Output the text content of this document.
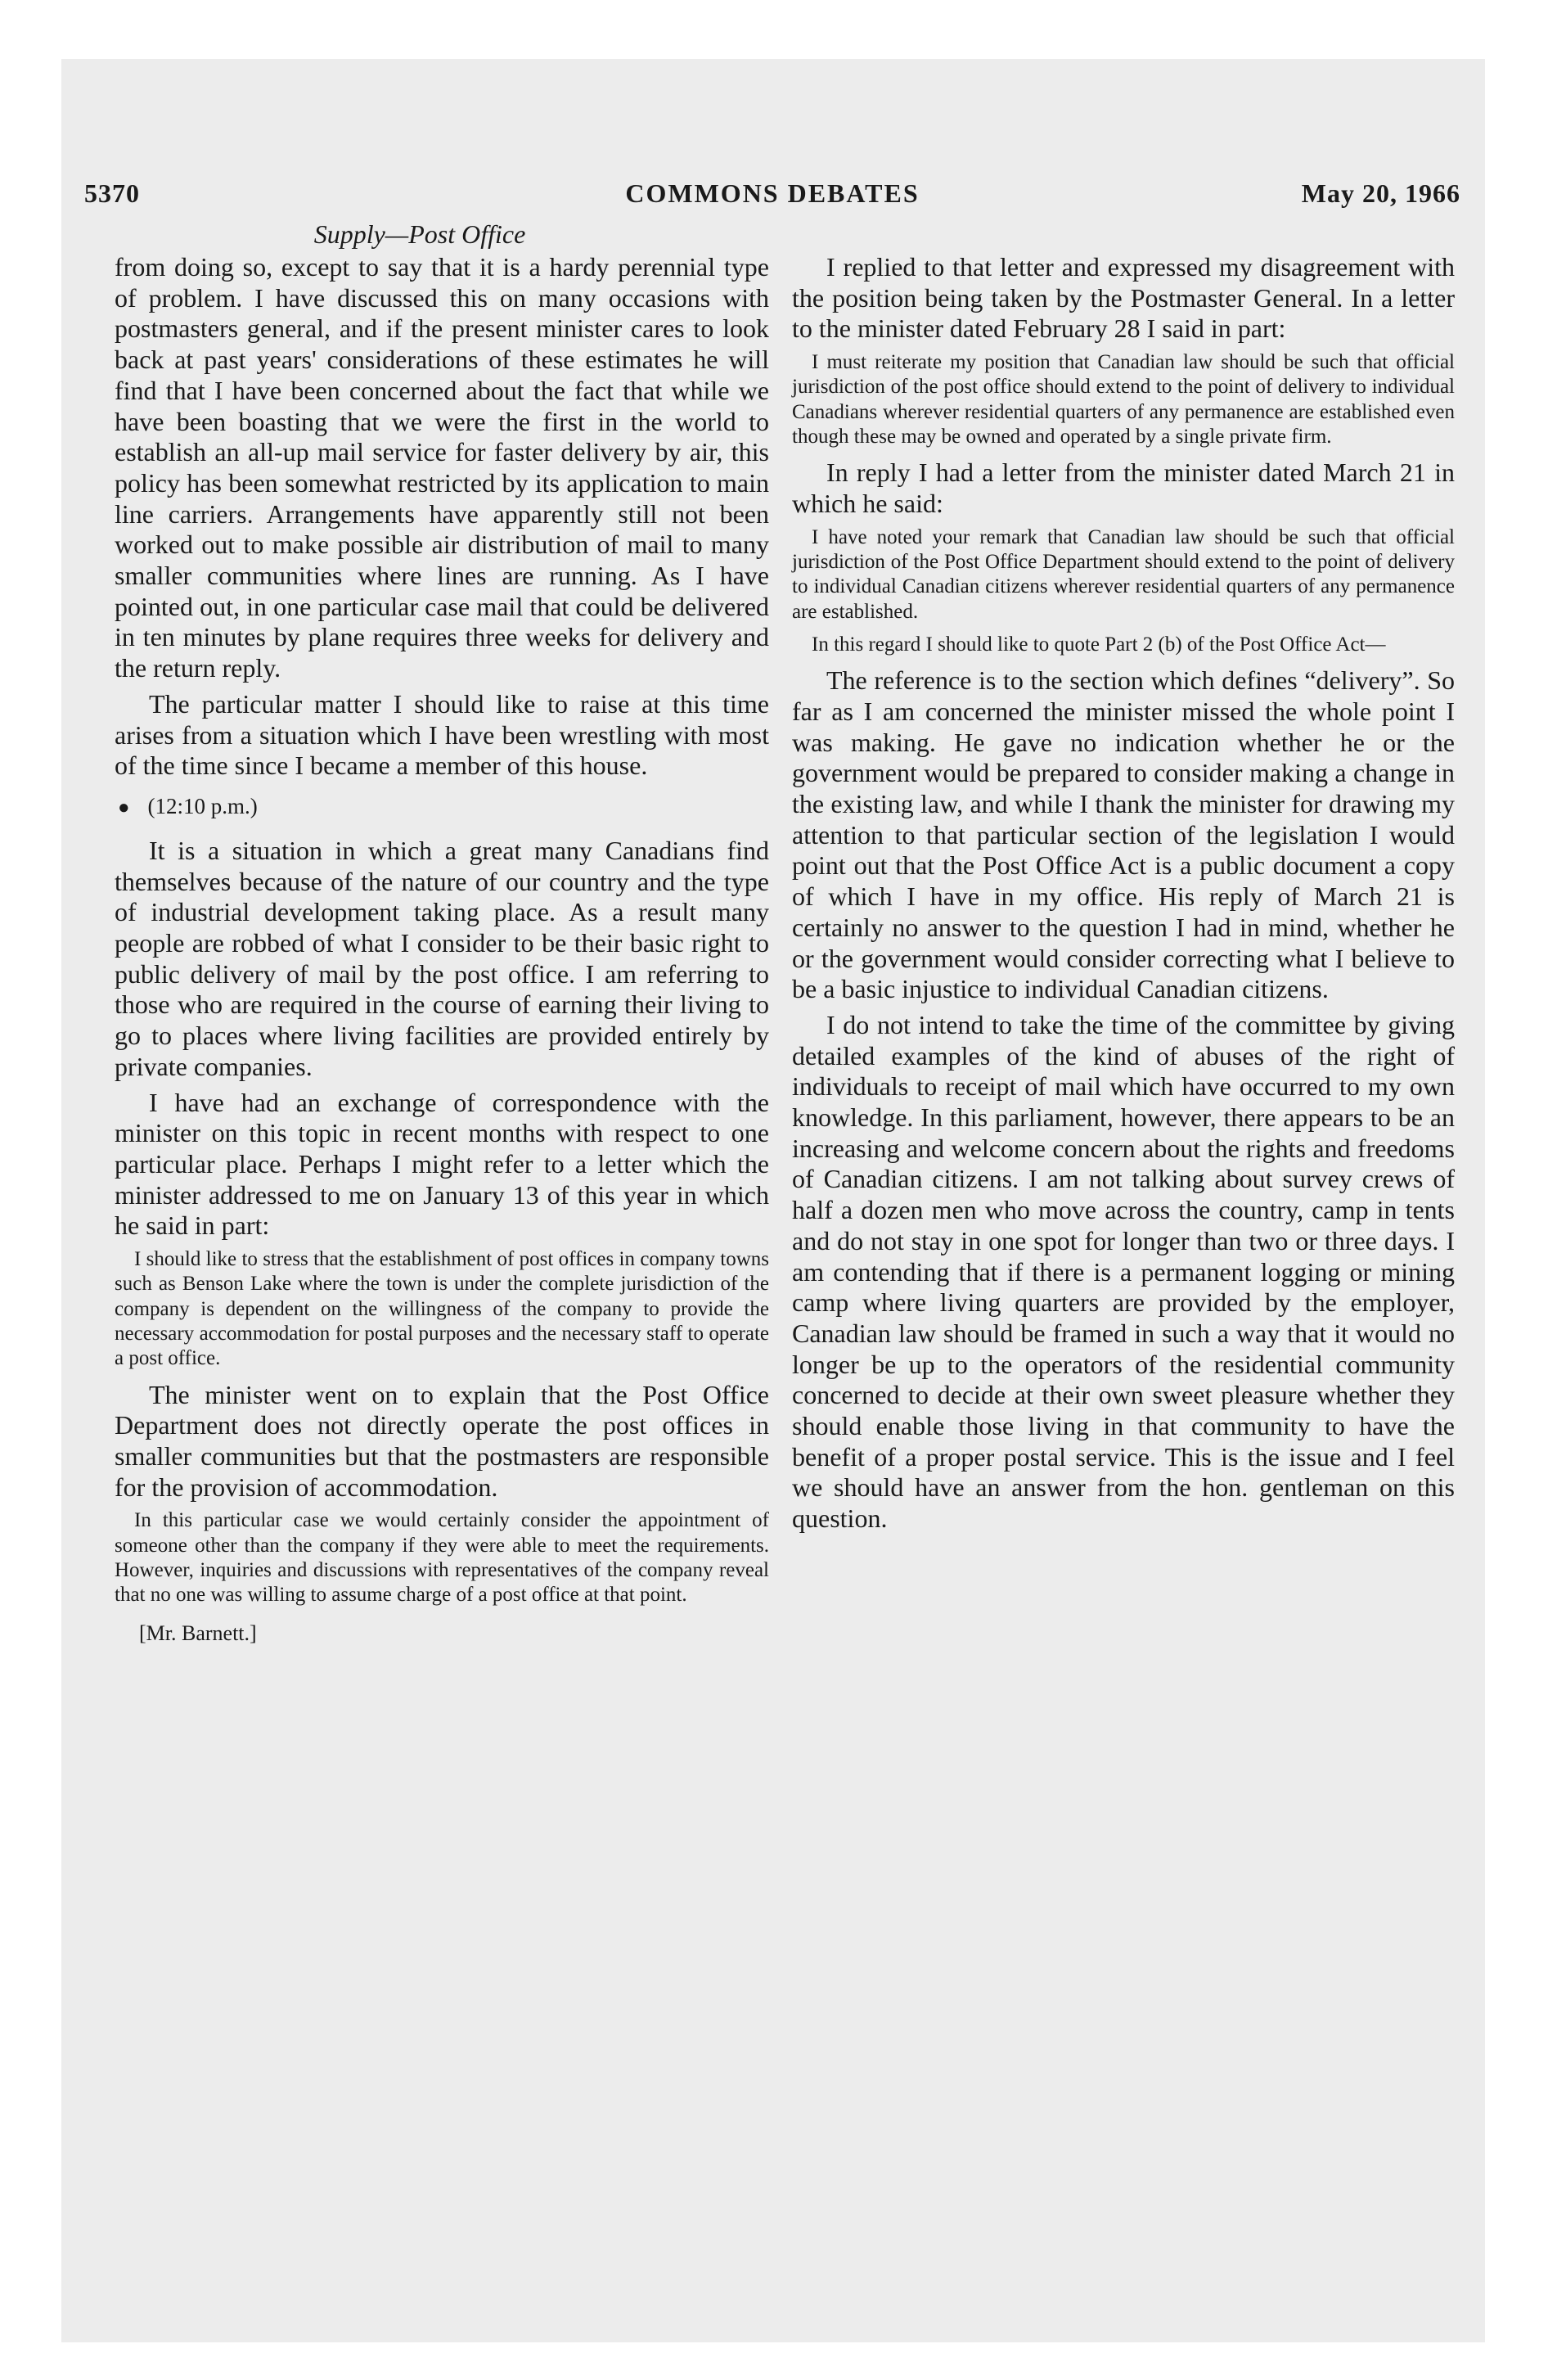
5370	COMMONS DEBATES	May 20, 1966
Supply—Post Office

from doing so, except to say that it is a hardy perennial type of problem. I have discussed this on many occasions with postmasters general, and if the present minister cares to look back at past years' considerations of these estimates he will find that I have been concerned about the fact that while we have been boasting that we were the first in the world to establish an all-up mail service for faster delivery by air, this policy has been somewhat restricted by its application to main line carriers. Arrangements have apparently still not been worked out to make possible air distribution of mail to many smaller communities where lines are running. As I have pointed out, in one particular case mail that could be delivered in ten minutes by plane requires three weeks for delivery and the return reply.

The particular matter I should like to raise at this time arises from a situation which I have been wrestling with most of the time since I became a member of this house.

● (12:10 p.m.)

It is a situation in which a great many Canadians find themselves because of the nature of our country and the type of industrial development taking place. As a result many people are robbed of what I consider to be their basic right to public delivery of mail by the post office. I am referring to those who are required in the course of earning their living to go to places where living facilities are provided entirely by private companies.

I have had an exchange of correspondence with the minister on this topic in recent months with respect to one particular place. Perhaps I might refer to a letter which the minister addressed to me on January 13 of this year in which he said in part:

I should like to stress that the establishment of post offices in company towns such as Benson Lake where the town is under the complete jurisdiction of the company is dependent on the willingness of the company to provide the necessary accommodation for postal purposes and the necessary staff to operate a post office.

The minister went on to explain that the Post Office Department does not directly operate the post offices in smaller communities but that the postmasters are responsible for the provision of accommodation.

In this particular case we would certainly consider the appointment of someone other than the company if they were able to meet the requirements. However, inquiries and discussions with representatives of the company reveal that no one was willing to assume charge of a post office at that point.

[Mr. Barnett.]

I replied to that letter and expressed my disagreement with the position being taken by the Postmaster General. In a letter to the minister dated February 28 I said in part:

I must reiterate my position that Canadian law should be such that official jurisdiction of the post office should extend to the point of delivery to individual Canadians wherever residential quarters of any permanence are established even though these may be owned and operated by a single private firm.

In reply I had a letter from the minister dated March 21 in which he said:

I have noted your remark that Canadian law should be such that official jurisdiction of the Post Office Department should extend to the point of delivery to individual Canadian citizens wherever residential quarters of any permanence are established.

In this regard I should like to quote Part 2 (b) of the Post Office Act—

The reference is to the section which defines “delivery”. So far as I am concerned the minister missed the whole point I was making. He gave no indication whether he or the government would be prepared to consider making a change in the existing law, and while I thank the minister for drawing my attention to that particular section of the legislation I would point out that the Post Office Act is a public document a copy of which I have in my office. His reply of March 21 is certainly no answer to the question I had in mind, whether he or the government would consider correcting what I believe to be a basic injustice to individual Canadian citizens.

I do not intend to take the time of the committee by giving detailed examples of the kind of abuses of the right of individuals to receipt of mail which have occurred to my own knowledge. In this parliament, however, there appears to be an increasing and welcome concern about the rights and freedoms of Canadian citizens. I am not talking about survey crews of half a dozen men who move across the country, camp in tents and do not stay in one spot for longer than two or three days. I am contending that if there is a permanent logging or mining camp where living quarters are provided by the employer, Canadian law should be framed in such a way that it would no longer be up to the operators of the residential community concerned to decide at their own sweet pleasure whether they should enable those living in that community to have the benefit of a proper postal service. This is the issue and I feel we should have an answer from the hon. gentleman on this question.
